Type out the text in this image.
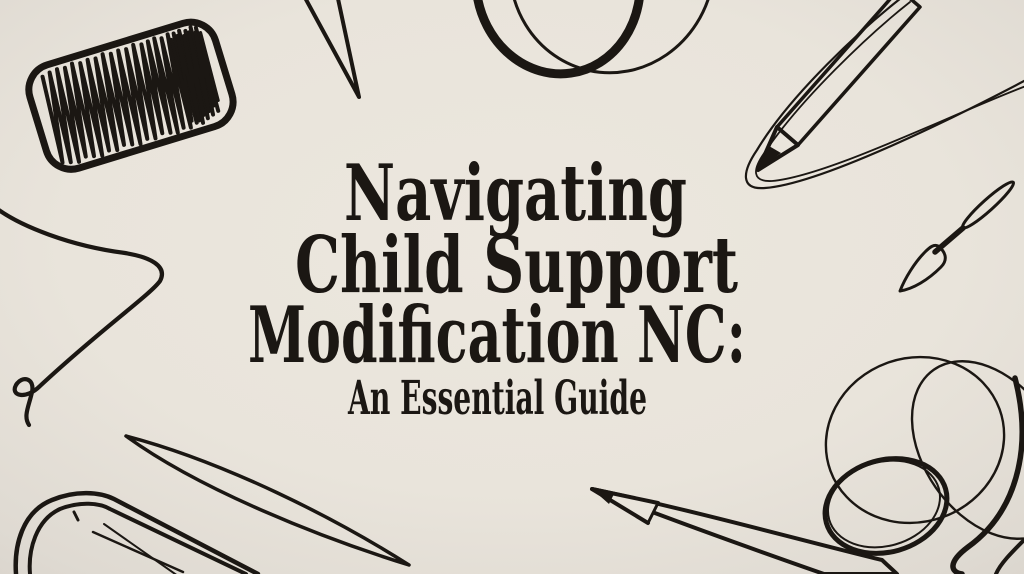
Navigating
Child Support
Modification NC:
An Essential Guide
